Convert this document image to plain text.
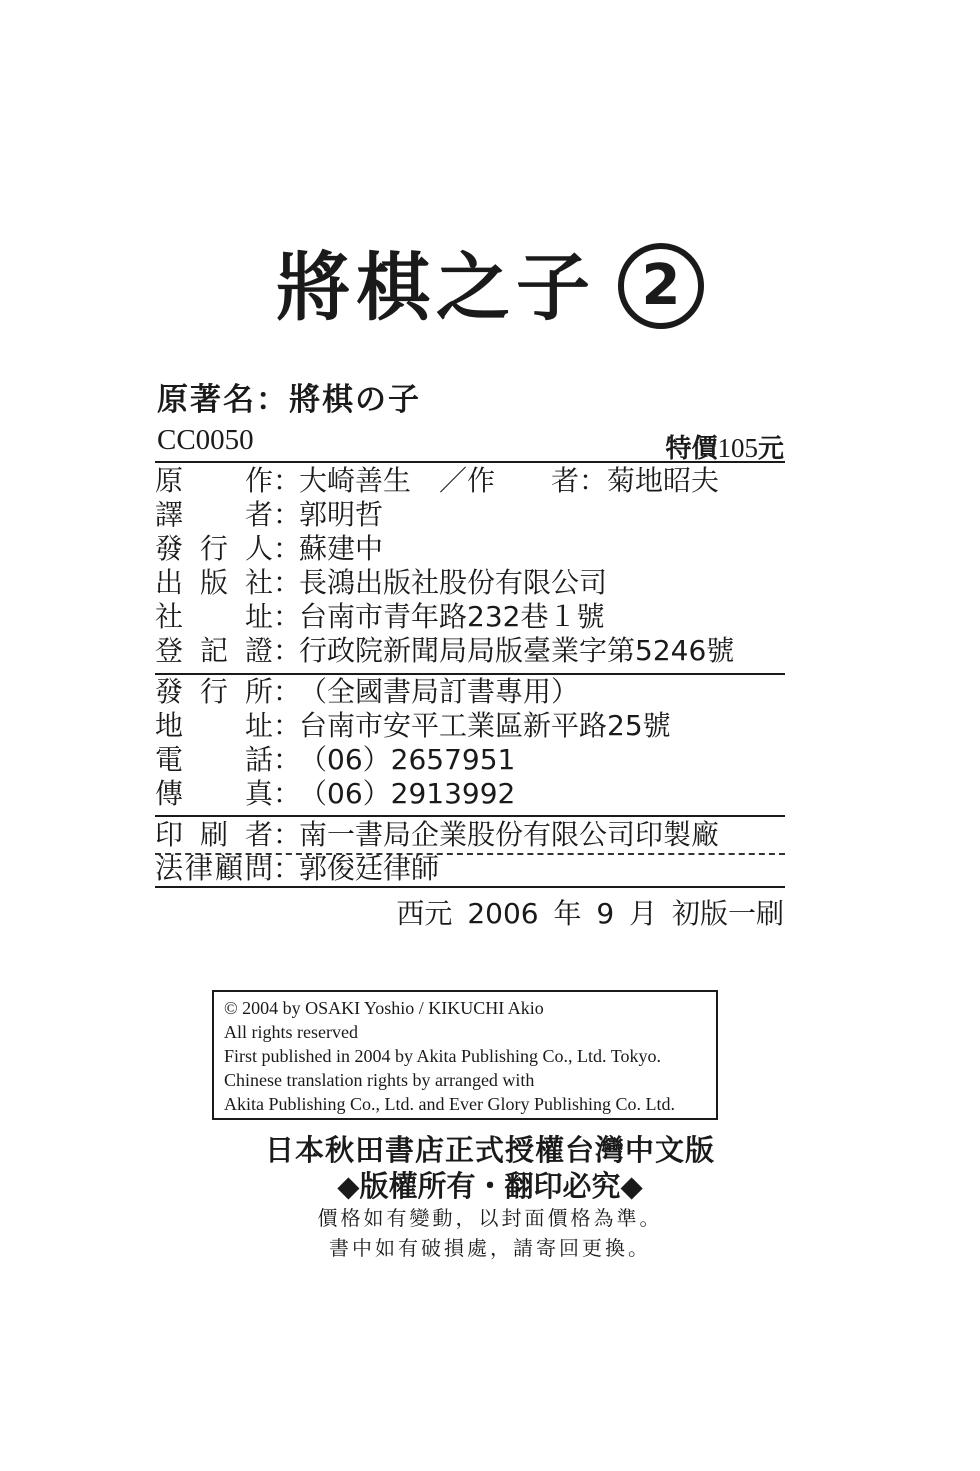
將棋之子 2
原著名：將棋の子
CC0050	特價105元
原作：大崎善生　／作　　者：菊地昭夫
譯者：郭明哲
發行人：蘇建中
出版社：長鴻出版社股份有限公司
社址：台南市青年路232巷１號
登記證：行政院新聞局局版臺業字第5246號
發行所：（全國書局訂書專用）
地址：台南市安平工業區新平路25號
電話：（06）2657951
傳真：（06）2913992
印刷者：南一書局企業股份有限公司印製廠
法律顧問：郭俊廷律師
西元 2006 年 9 月 初版一刷
© 2004 by OSAKI Yoshio / KIKUCHI Akio
All rights reserved
First published in 2004 by Akita Publishing Co., Ltd. Tokyo.
Chinese translation rights by arranged with
Akita Publishing Co., Ltd. and Ever Glory Publishing Co. Ltd.
日本秋田書店正式授權台灣中文版
◆版權所有・翻印必究◆
價格如有變動，以封面價格為準。
書中如有破損處，請寄回更換。
